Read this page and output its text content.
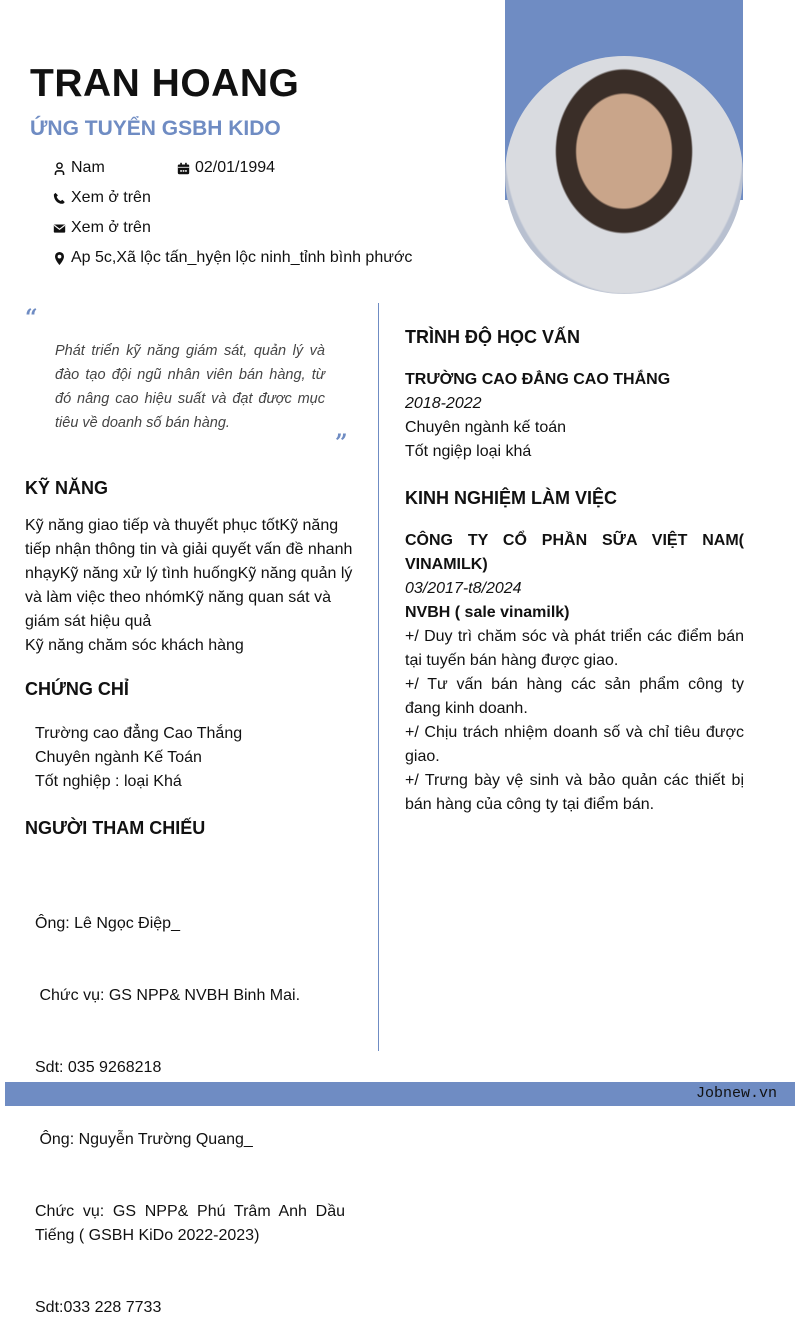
TRAN HOANG
ỨNG TUYỂN GSBH KIDO
Nam	02/01/1994
Xem ở trên
Xem ở trên
Ap 5c,Xã lộc tấn_hyện lộc ninh_tỉnh bình phước
“
Phát triển kỹ năng giám sát, quản lý và đào tạo đội ngũ nhân viên bán hàng, từ đó nâng cao hiệu suất và đạt được mục tiêu về doanh số bán hàng.
”
KỸ NĂNG
Kỹ năng giao tiếp và thuyết phục tốtKỹ năng tiếp nhận thông tin và giải quyết vấn đề nhanh nhạyKỹ năng xử lý tình huốngKỹ năng quản lý và làm việc theo nhómKỹ năng quan sát và giám sát hiệu quả
Kỹ năng chăm sóc khách hàng
CHỨNG CHỈ
Trường cao đẳng Cao Thắng
Chuyên ngành Kế Toán
Tốt nghiệp : loại Khá
NGƯỜI THAM CHIẾU

Ông: Lê Ngọc Điệp_

Chức vụ: GS NPP& NVBH Binh Mai.

Sdt: 035 9268218

Ông: Nguyễn Trường Quang_

Chức vụ: GS NPP& Phú Trâm Anh Dầu Tiếng ( GSBH KiDo 2022-2023)

Sdt:033 228 7733

TRÌNH ĐỘ HỌC VẤN
TRƯỜNG CAO ĐẲNG CAO THẮNG
2018-2022
Chuyên ngành kế toán
Tốt ngiệp loại khá
KINH NGHIỆM LÀM VIỆC
CÔNG TY CỔ PHẦN SỮA VIỆT NAM( VINAMILK)
03/2017-t8/2024
NVBH ( sale vinamilk)
+/ Duy trì chăm sóc và phát triển các điểm bán tại tuyến bán hàng được giao.
+/ Tư vấn bán hàng các sản phẩm công ty đang kinh doanh.
+/ Chịu trách nhiệm doanh số và chỉ tiêu được giao.
+/ Trưng bày vệ sinh và bảo quản các thiết bị bán hàng của công ty tại điểm bán.
Jobnew.vn
